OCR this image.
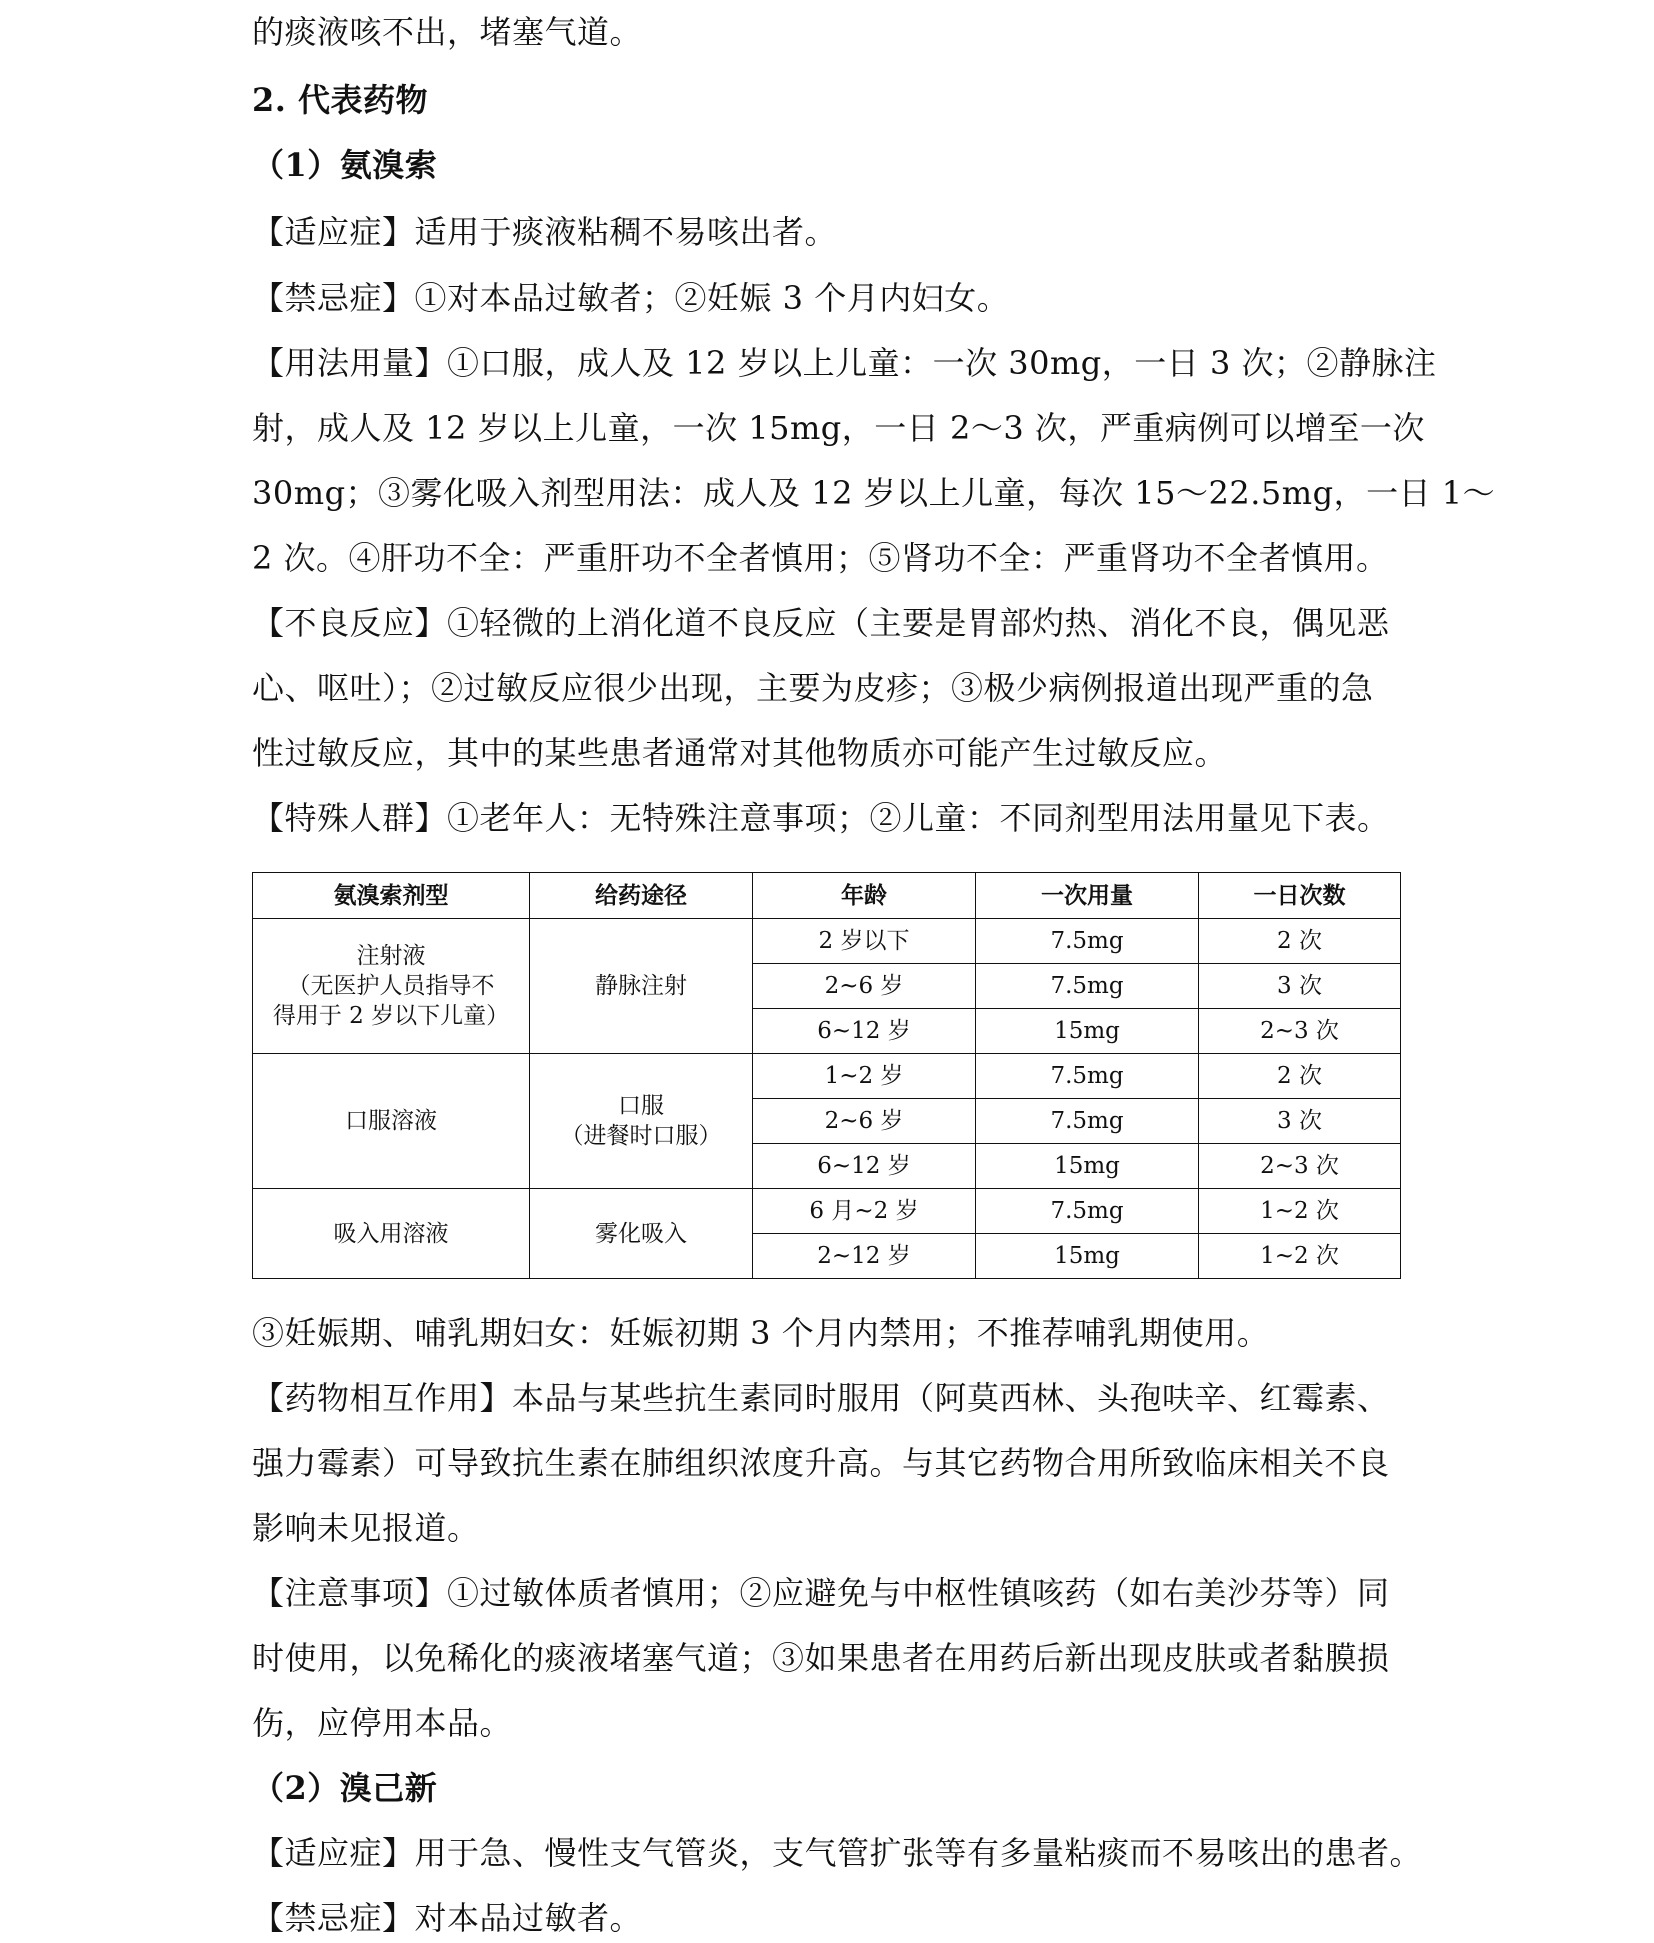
的痰液咳不出，堵塞气道。
2. 代表药物
（1）氨溴索
【适应症】适用于痰液粘稠不易咳出者。
【禁忌症】①对本品过敏者；②妊娠 3 个月内妇女。
【用法用量】①口服，成人及 12 岁以上儿童：一次 30mg，一日 3 次；②静脉注
射，成人及 12 岁以上儿童，一次 15mg，一日 2～3 次，严重病例可以增至一次
30mg；③雾化吸入剂型用法：成人及 12 岁以上儿童，每次 15～22.5mg，一日 1～
2 次。④肝功不全：严重肝功不全者慎用；⑤肾功不全：严重肾功不全者慎用。
【不良反应】①轻微的上消化道不良反应（主要是胃部灼热、消化不良，偶见恶
心、呕吐）；②过敏反应很少出现，主要为皮疹；③极少病例报道出现严重的急
性过敏反应，其中的某些患者通常对其他物质亦可能产生过敏反应。
【特殊人群】①老年人：无特殊注意事项；②儿童：不同剂型用法用量见下表。
③妊娠期、哺乳期妇女：妊娠初期 3 个月内禁用；不推荐哺乳期使用。
【药物相互作用】本品与某些抗生素同时服用（阿莫西林、头孢呋辛、红霉素、
强力霉素）可导致抗生素在肺组织浓度升高。与其它药物合用所致临床相关不良
影响未见报道。
【注意事项】①过敏体质者慎用；②应避免与中枢性镇咳药（如右美沙芬等）同
时使用，以免稀化的痰液堵塞气道；③如果患者在用药后新出现皮肤或者黏膜损
伤，应停用本品。
（2）溴己新
【适应症】用于急、慢性支气管炎，支气管扩张等有多量粘痰而不易咳出的患者。
【禁忌症】对本品过敏者。
氨溴索剂型	给药途径	年龄	一次用量	一日次数

注射液
（无医护人员指导不
得用于 2 岁以下儿童）	静脉注射	2 岁以下	7.5mg	2 次
		2~6 岁	7.5mg	3 次
		6~12 岁	15mg	2~3 次

口服溶液	口服
（进餐时口服）	1~2 岁	7.5mg	2 次
		2~6 岁	7.5mg	3 次
		6~12 岁	15mg	2~3 次

吸入用溶液	雾化吸入	6 月~2 岁	7.5mg	1~2 次
		2~12 岁	15mg	1~2 次
